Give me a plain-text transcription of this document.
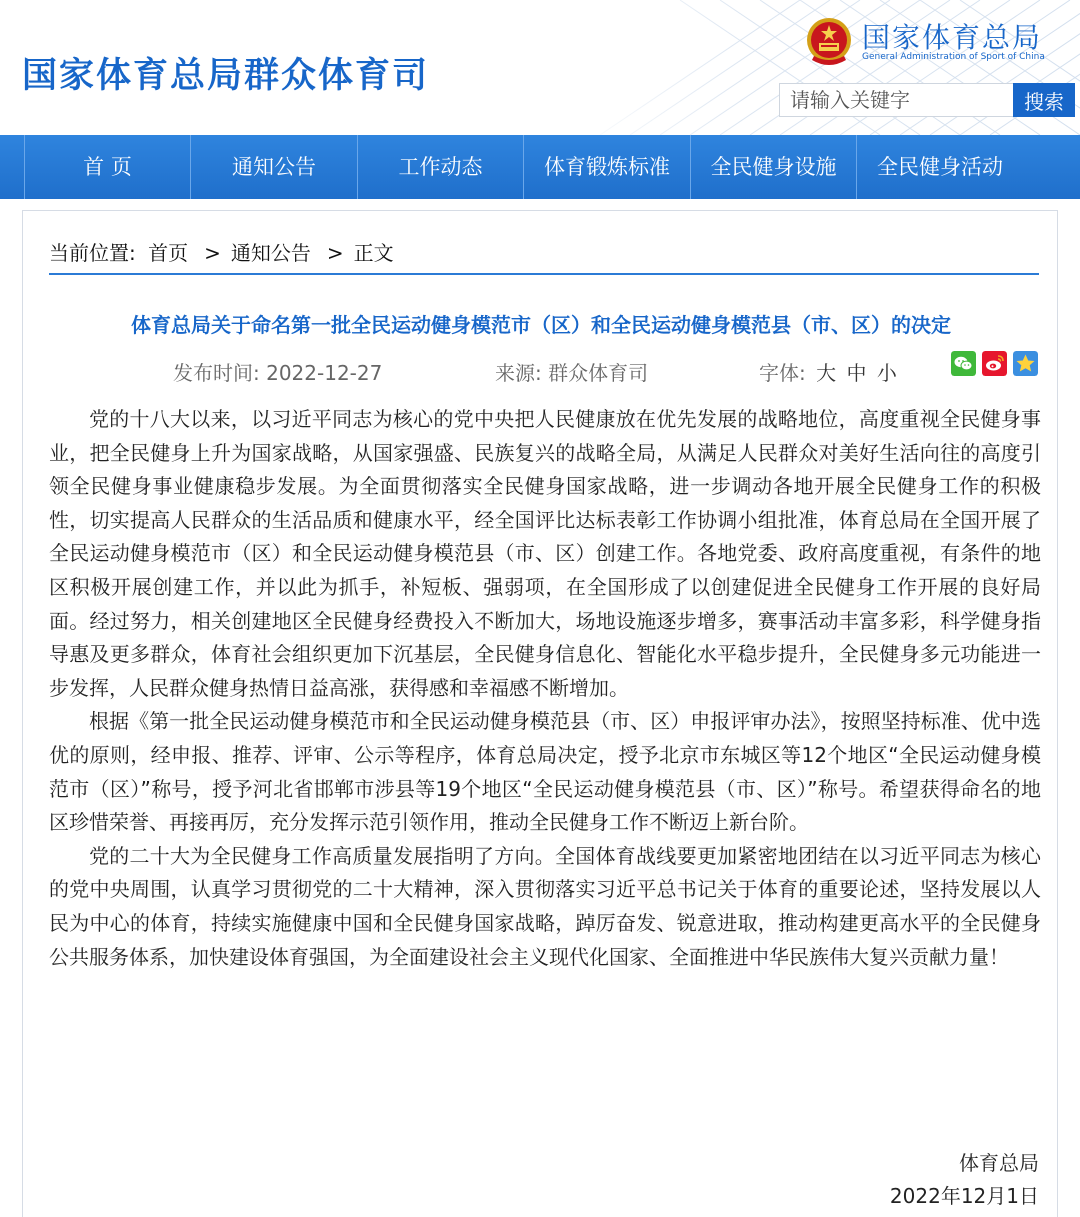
国家体育总局群众体育司
国家体育总局
General Administration of Sport of China
请输入关键字
搜索
首 页	通知公告	工作动态	体育锻炼标准	全民健身设施	全民健身活动
当前位置: 首页 > 通知公告 > 正文
体育总局关于命名第一批全民运动健身模范市（区）和全民运动健身模范县（市、区）的决定
发布时间: 2022-12-27	来源: 群众体育司	字体: 大 中 小

党的十八大以来，以习近平同志为核心的党中央把人民健康放在优先发展的战略地位，高度重视全民健身事业，把全民健身上升为国家战略，从国家强盛、民族复兴的战略全局，从满足人民群众对美好生活向往的高度引领全民健身事业健康稳步发展。为全面贯彻落实全民健身国家战略，进一步调动各地开展全民健身工作的积极性，切实提高人民群众的生活品质和健康水平，经全国评比达标表彰工作协调小组批准，体育总局在全国开展了全民运动健身模范市（区）和全民运动健身模范县（市、区）创建工作。各地党委、政府高度重视，有条件的地区积极开展创建工作，并以此为抓手，补短板、强弱项，在全国形成了以创建促进全民健身工作开展的良好局面。经过努力，相关创建地区全民健身经费投入不断加大，场地设施逐步增多，赛事活动丰富多彩，科学健身指导惠及更多群众，体育社会组织更加下沉基层，全民健身信息化、智能化水平稳步提升，全民健身多元功能进一步发挥，人民群众健身热情日益高涨，获得感和幸福感不断增加。

根据《第一批全民运动健身模范市和全民运动健身模范县（市、区）申报评审办法》，按照坚持标准、优中选优的原则，经申报、推荐、评审、公示等程序，体育总局决定，授予北京市东城区等12个地区“全民运动健身模范市（区）”称号，授予河北省邯郸市涉县等19个地区“全民运动健身模范县（市、区）”称号。希望获得命名的地区珍惜荣誉、再接再厉，充分发挥示范引领作用，推动全民健身工作不断迈上新台阶。

党的二十大为全民健身工作高质量发展指明了方向。全国体育战线要更加紧密地团结在以习近平同志为核心的党中央周围，认真学习贯彻党的二十大精神，深入贯彻落实习近平总书记关于体育的重要论述，坚持发展以人民为中心的体育，持续实施健康中国和全民健身国家战略，踔厉奋发、锐意进取，推动构建更高水平的全民健身公共服务体系，加快建设体育强国，为全面建设社会主义现代化国家、全面推进中华民族伟大复兴贡献力量！

体育总局
2022年12月1日
